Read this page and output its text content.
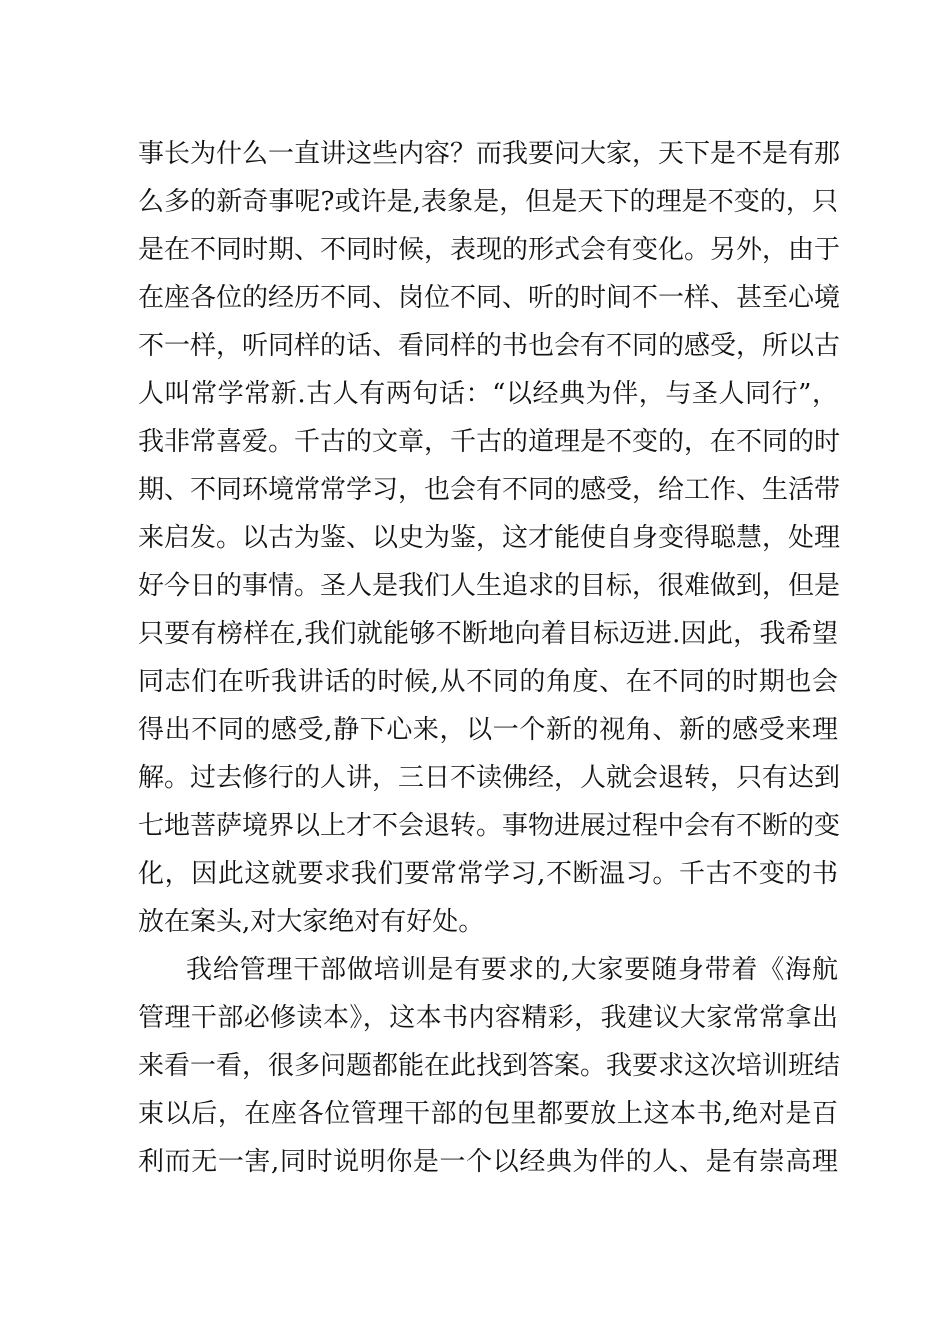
事长为什么一直讲这些内容？而我要问大家，天下是不是有那

么多的新奇事呢?或许是,表象是，但是天下的理是不变的，只

是在不同时期、不同时候，表现的形式会有变化。另外，由于

在座各位的经历不同、岗位不同、听的时间不一样、甚至心境

不一样，听同样的话、看同样的书也会有不同的感受，所以古

人叫常学常新.古人有两句话：“以经典为伴，与圣人同行”，

我非常喜爱。千古的文章，千古的道理是不变的，在不同的时

期、不同环境常常学习，也会有不同的感受，给工作、生活带

来启发。以古为鉴、以史为鉴，这才能使自身变得聪慧，处理

好今日的事情。圣人是我们人生追求的目标，很难做到，但是

只要有榜样在,我们就能够不断地向着目标迈进.因此，我希望

同志们在听我讲话的时候,从不同的角度、在不同的时期也会

得出不同的感受,静下心来，以一个新的视角、新的感受来理

解。过去修行的人讲，三日不读佛经，人就会退转，只有达到

七地菩萨境界以上才不会退转。事物进展过程中会有不断的变

化，因此这就要求我们要常常学习,不断温习。千古不变的书

放在案头,对大家绝对有好处。

我给管理干部做培训是有要求的,大家要随身带着《海航

管理干部必修读本》，这本书内容精彩，我建议大家常常拿出

来看一看，很多问题都能在此找到答案。我要求这次培训班结

束以后，在座各位管理干部的包里都要放上这本书,绝对是百

利而无一害,同时说明你是一个以经典为伴的人、是有崇高理
